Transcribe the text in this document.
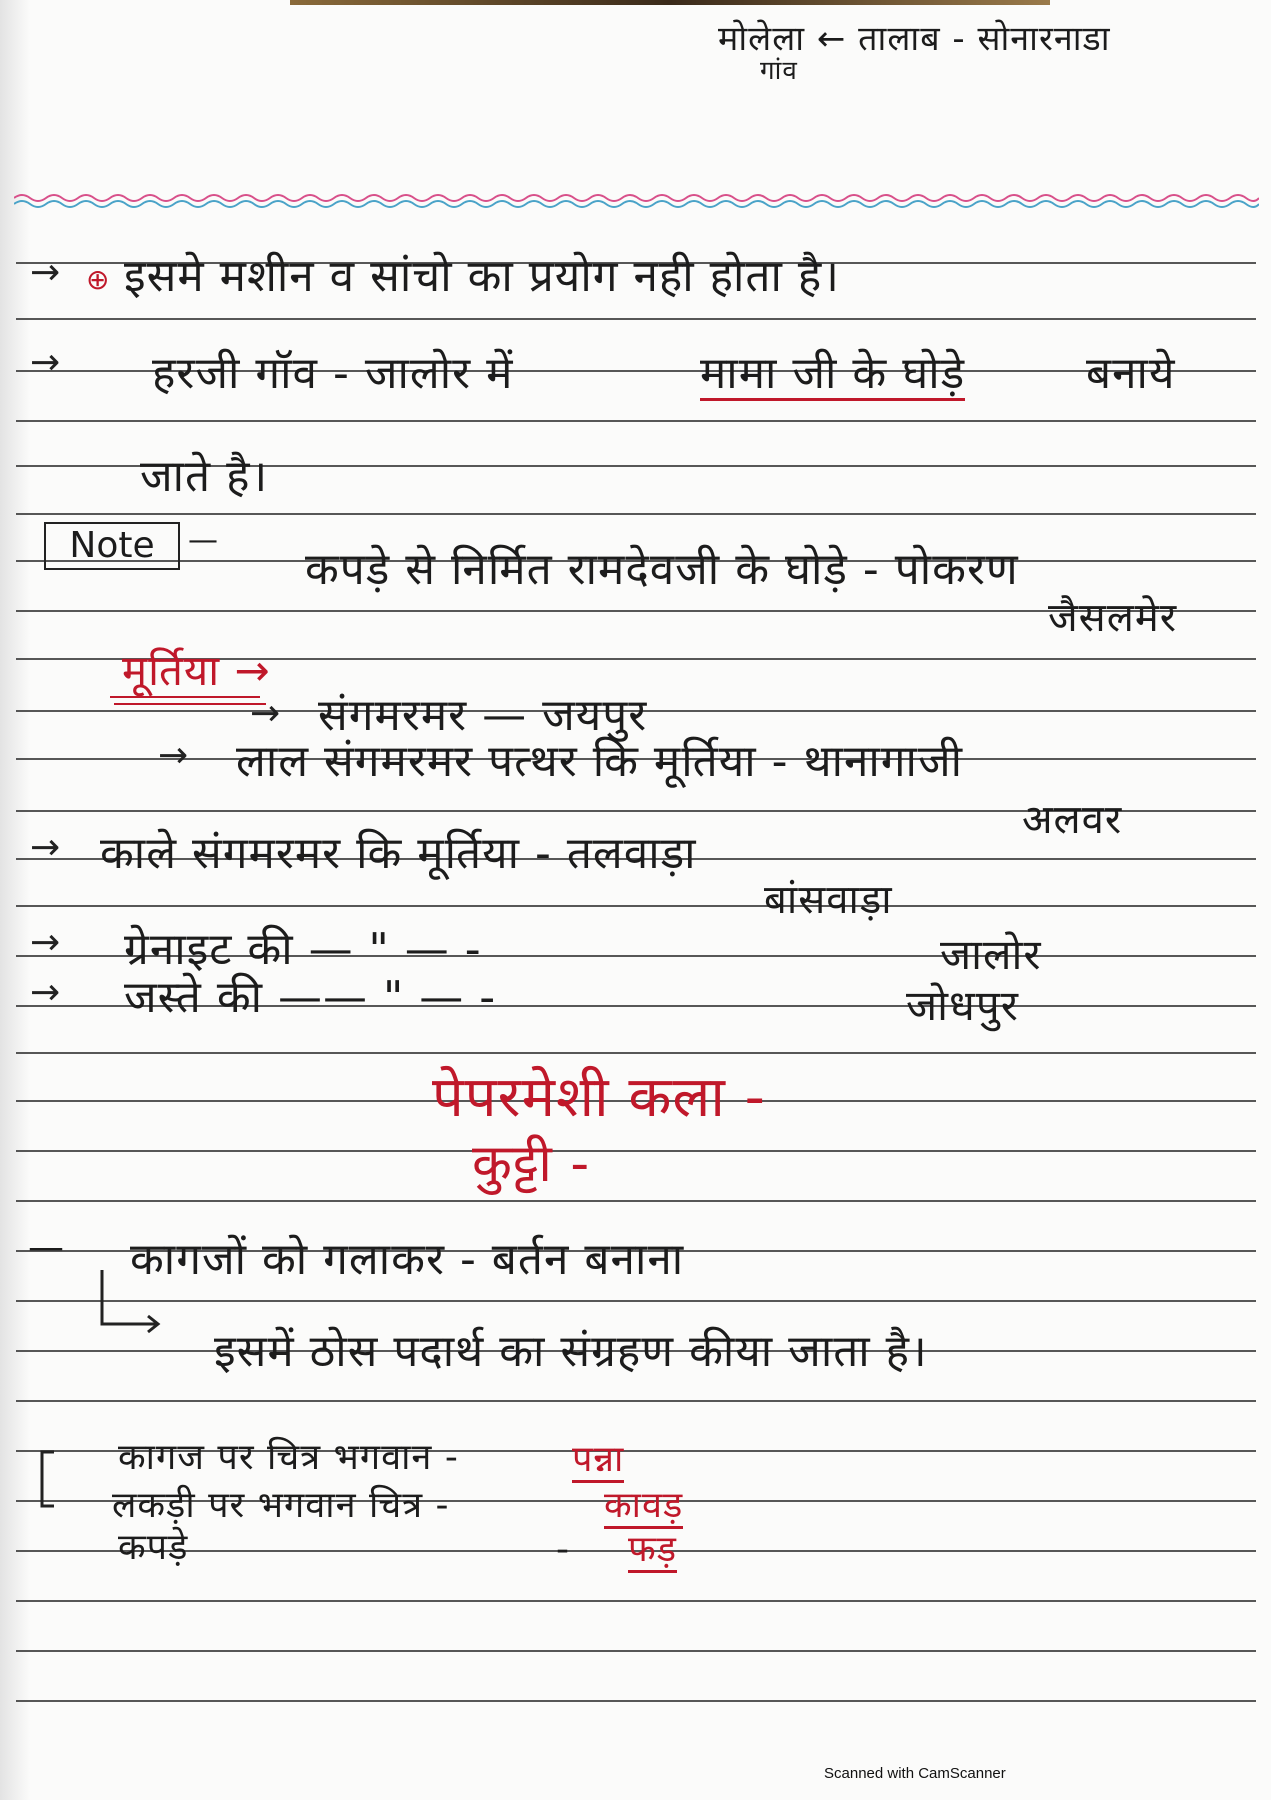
मोलेला ← तालाब - सोनारनाडा
गांव
→ ⊕ इसमे मशीन व सांचो का प्रयोग नही होता है।
→ हरजी गॉव - जालोर में	मामा जी के घोड़े	बनाये
जाते है।
Note	—
कपड़े से निर्मित रामदेवजी के घोड़े - पोकरण
जैसलमेर
मूर्तिया →
→ संगमरमर — जयपुर
→ लाल संगमरमर पत्थर कि मूर्तिया - थानागाजी
अलवर
→ काले संगमरमर कि मूर्तिया - तलवाड़ा
बांसवाड़ा
→ ग्रेनाइट की — " — -	जालोर
→ जस्ते की —— " — -	जोधपुर
पेपरमेशी कला -
कुट्टी -
— कागजों को गलाकर - बर्तन बनाना
इसमें ठोस पदार्थ का संग्रहण कीया जाता है।
कागज पर चित्र भगवान -	पन्ना
लकड़ी पर भगवान चित्र -	कावड़
कपड़े	- फड़
Scanned with CamScanner
